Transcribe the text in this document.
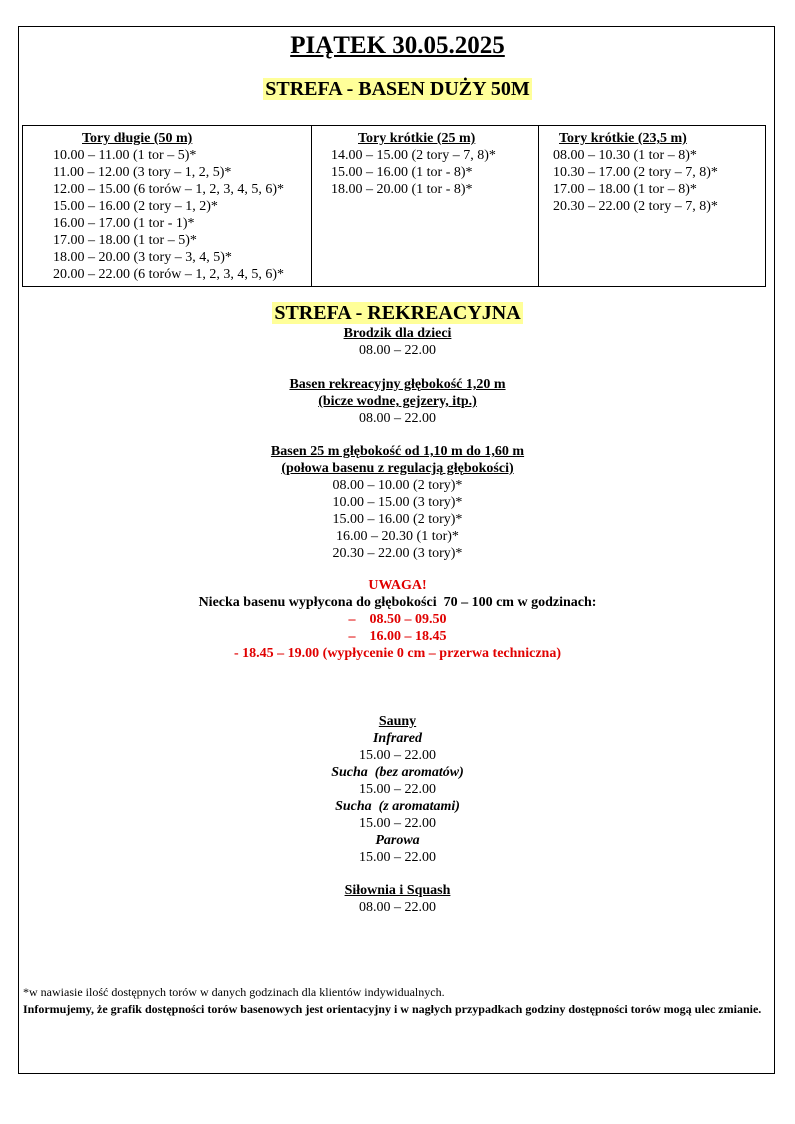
PIĄTEK 30.05.2025
STREFA - BASEN DUŻY 50M
Tory długie (50 m)
10.00 – 11.00 (1 tor – 5)*
11.00 – 12.00 (3 tory – 1, 2, 5)*
12.00 – 15.00 (6 torów – 1, 2, 3, 4, 5, 6)*
15.00 – 16.00 (2 tory – 1, 2)*
16.00 – 17.00 (1 tor - 1)*
17.00 – 18.00 (1 tor – 5)*
18.00 – 20.00 (3 tory – 3, 4, 5)*
20.00 – 22.00 (6 torów – 1, 2, 3, 4, 5, 6)*

Tory krótkie (25 m)
14.00 – 15.00 (2 tory – 7, 8)*
15.00 – 16.00 (1 tor - 8)*
18.00 – 20.00 (1 tor - 8)*

Tory krótkie (23,5 m)
08.00 – 10.30 (1 tor – 8)*
10.30 – 17.00 (2 tory – 7, 8)*
17.00 – 18.00 (1 tor – 8)*
20.30 – 22.00 (2 tory – 7, 8)*
STREFA - REKREACYJNA
Brodzik dla dzieci
08.00 – 22.00
Basen rekreacyjny głębokość 1,20 m
(bicze wodne, gejzery, itp.)
08.00 – 22.00
Basen 25 m głębokość od 1,10 m do 1,60 m
(połowa basenu z regulacją głębokości)
08.00 – 10.00 (2 tory)*
10.00 – 15.00 (3 tory)*
15.00 – 16.00 (2 tory)*
16.00 – 20.30 (1 tor)*
20.30 – 22.00 (3 tory)*
UWAGA!
Niecka basenu wypłycona do głębokości  70 – 100 cm w godzinach:
–    08.50 – 09.50
–    16.00 – 18.45
- 18.45 – 19.00 (wypłycenie 0 cm – przerwa techniczna)
Sauny
Infrared
15.00 – 22.00
Sucha  (bez aromatów)
15.00 – 22.00
Sucha  (z aromatami)
15.00 – 22.00
Parowa
15.00 – 22.00
Siłownia i Squash
08.00 – 22.00
*w nawiasie ilość dostępnych torów w danych godzinach dla klientów indywidualnych.
Informujemy, że grafik dostępności torów basenowych jest orientacyjny i w nagłych przypadkach godziny dostępności torów mogą ulec zmianie.
